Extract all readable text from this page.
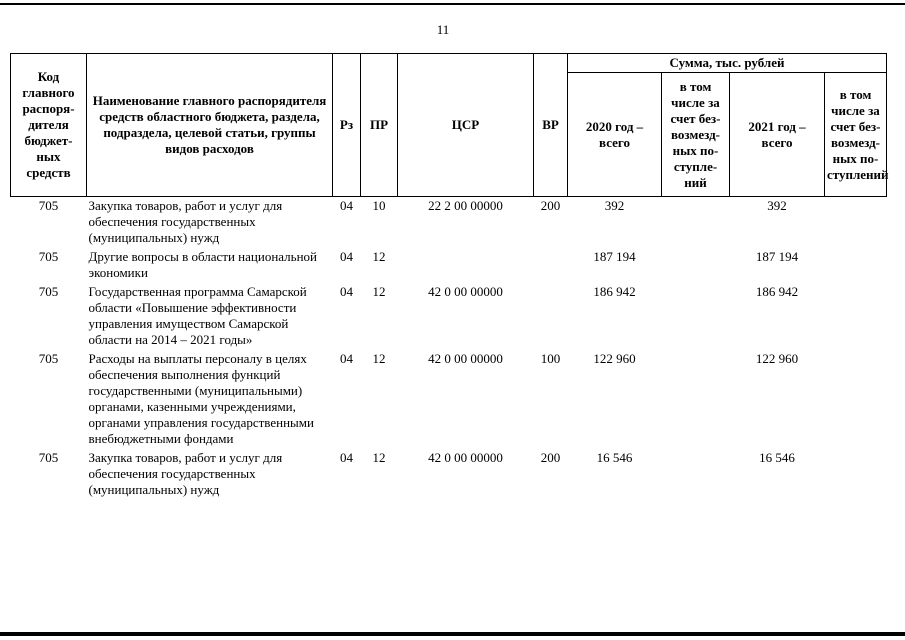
11
Код главного распоря- дителя бюджет- ных средств	Наименование главного распорядителя средств областного бюджета, раздела, подраздела, целевой статьи, группы видов расходов	Рз	ПР	ЦСР	ВР	Сумма, тыс. рублей			
						2020 год – всего	в том числе за счет без- возмезд- ных по- ступле- ний	2021 год – всего	в том числе за счет без- возмезд- ных по- ступлений
705	Закупка товаров, работ и услуг для обеспечения государственных (муниципальных) нужд	04	10	22 2 00 00000	200	392		392	
705	Другие вопросы в области национальной экономики	04	12			187 194		187 194	
705	Государственная программа Самарской области «Повышение эффективности управления имуществом Самарской области на 2014 – 2021 годы»	04	12	42 0 00 00000		186 942		186 942	
705	Расходы на выплаты персоналу в целях обеспечения выполнения функций государственными (муниципальными) органами, казенными учреждениями, органами управления государственными внебюджетными фондами	04	12	42 0 00 00000	100	122 960		122 960	
705	Закупка товаров, работ и услуг для обеспечения государственных (муниципальных) нужд	04	12	42 0 00 00000	200	16 546		16 546	
